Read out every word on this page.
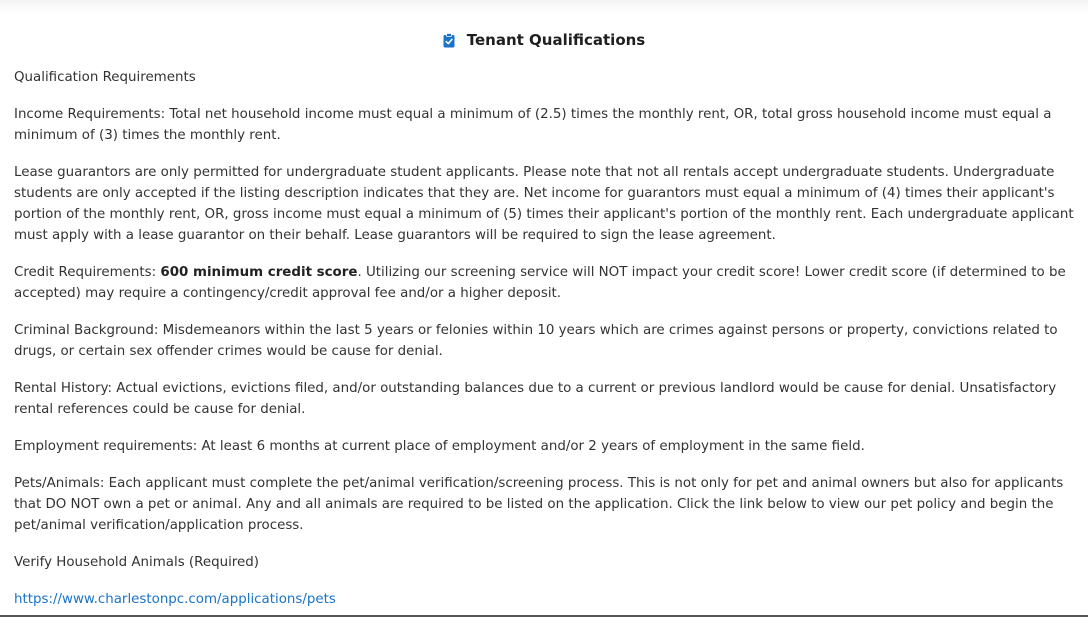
Tenant Qualifications

Qualification Requirements

Income Requirements: Total net household income must equal a minimum of (2.5) times the monthly rent, OR, total gross household income must equal a minimum of (3) times the monthly rent.

Lease guarantors are only permitted for undergraduate student applicants. Please note that not all rentals accept undergraduate students. Undergraduate students are only accepted if the listing description indicates that they are. Net income for guarantors must equal a minimum of (4) times their applicant's portion of the monthly rent, OR, gross income must equal a minimum of (5) times their applicant's portion of the monthly rent. Each undergraduate applicant must apply with a lease guarantor on their behalf. Lease guarantors will be required to sign the lease agreement.

Credit Requirements: 600 minimum credit score. Utilizing our screening service will NOT impact your credit score! Lower credit score (if determined to be accepted) may require a contingency/credit approval fee and/or a higher deposit.

Criminal Background: Misdemeanors within the last 5 years or felonies within 10 years which are crimes against persons or property, convictions related to drugs, or certain sex offender crimes would be cause for denial.

Rental History: Actual evictions, evictions filed, and/or outstanding balances due to a current or previous landlord would be cause for denial. Unsatisfactory rental references could be cause for denial.

Employment requirements: At least 6 months at current place of employment and/or 2 years of employment in the same field.

Pets/Animals: Each applicant must complete the pet/animal verification/screening process. This is not only for pet and animal owners but also for applicants that DO NOT own a pet or animal. Any and all animals are required to be listed on the application. Click the link below to view our pet policy and begin the pet/animal verification/application process.

Verify Household Animals (Required)

https://www.charlestonpc.com/applications/pets
